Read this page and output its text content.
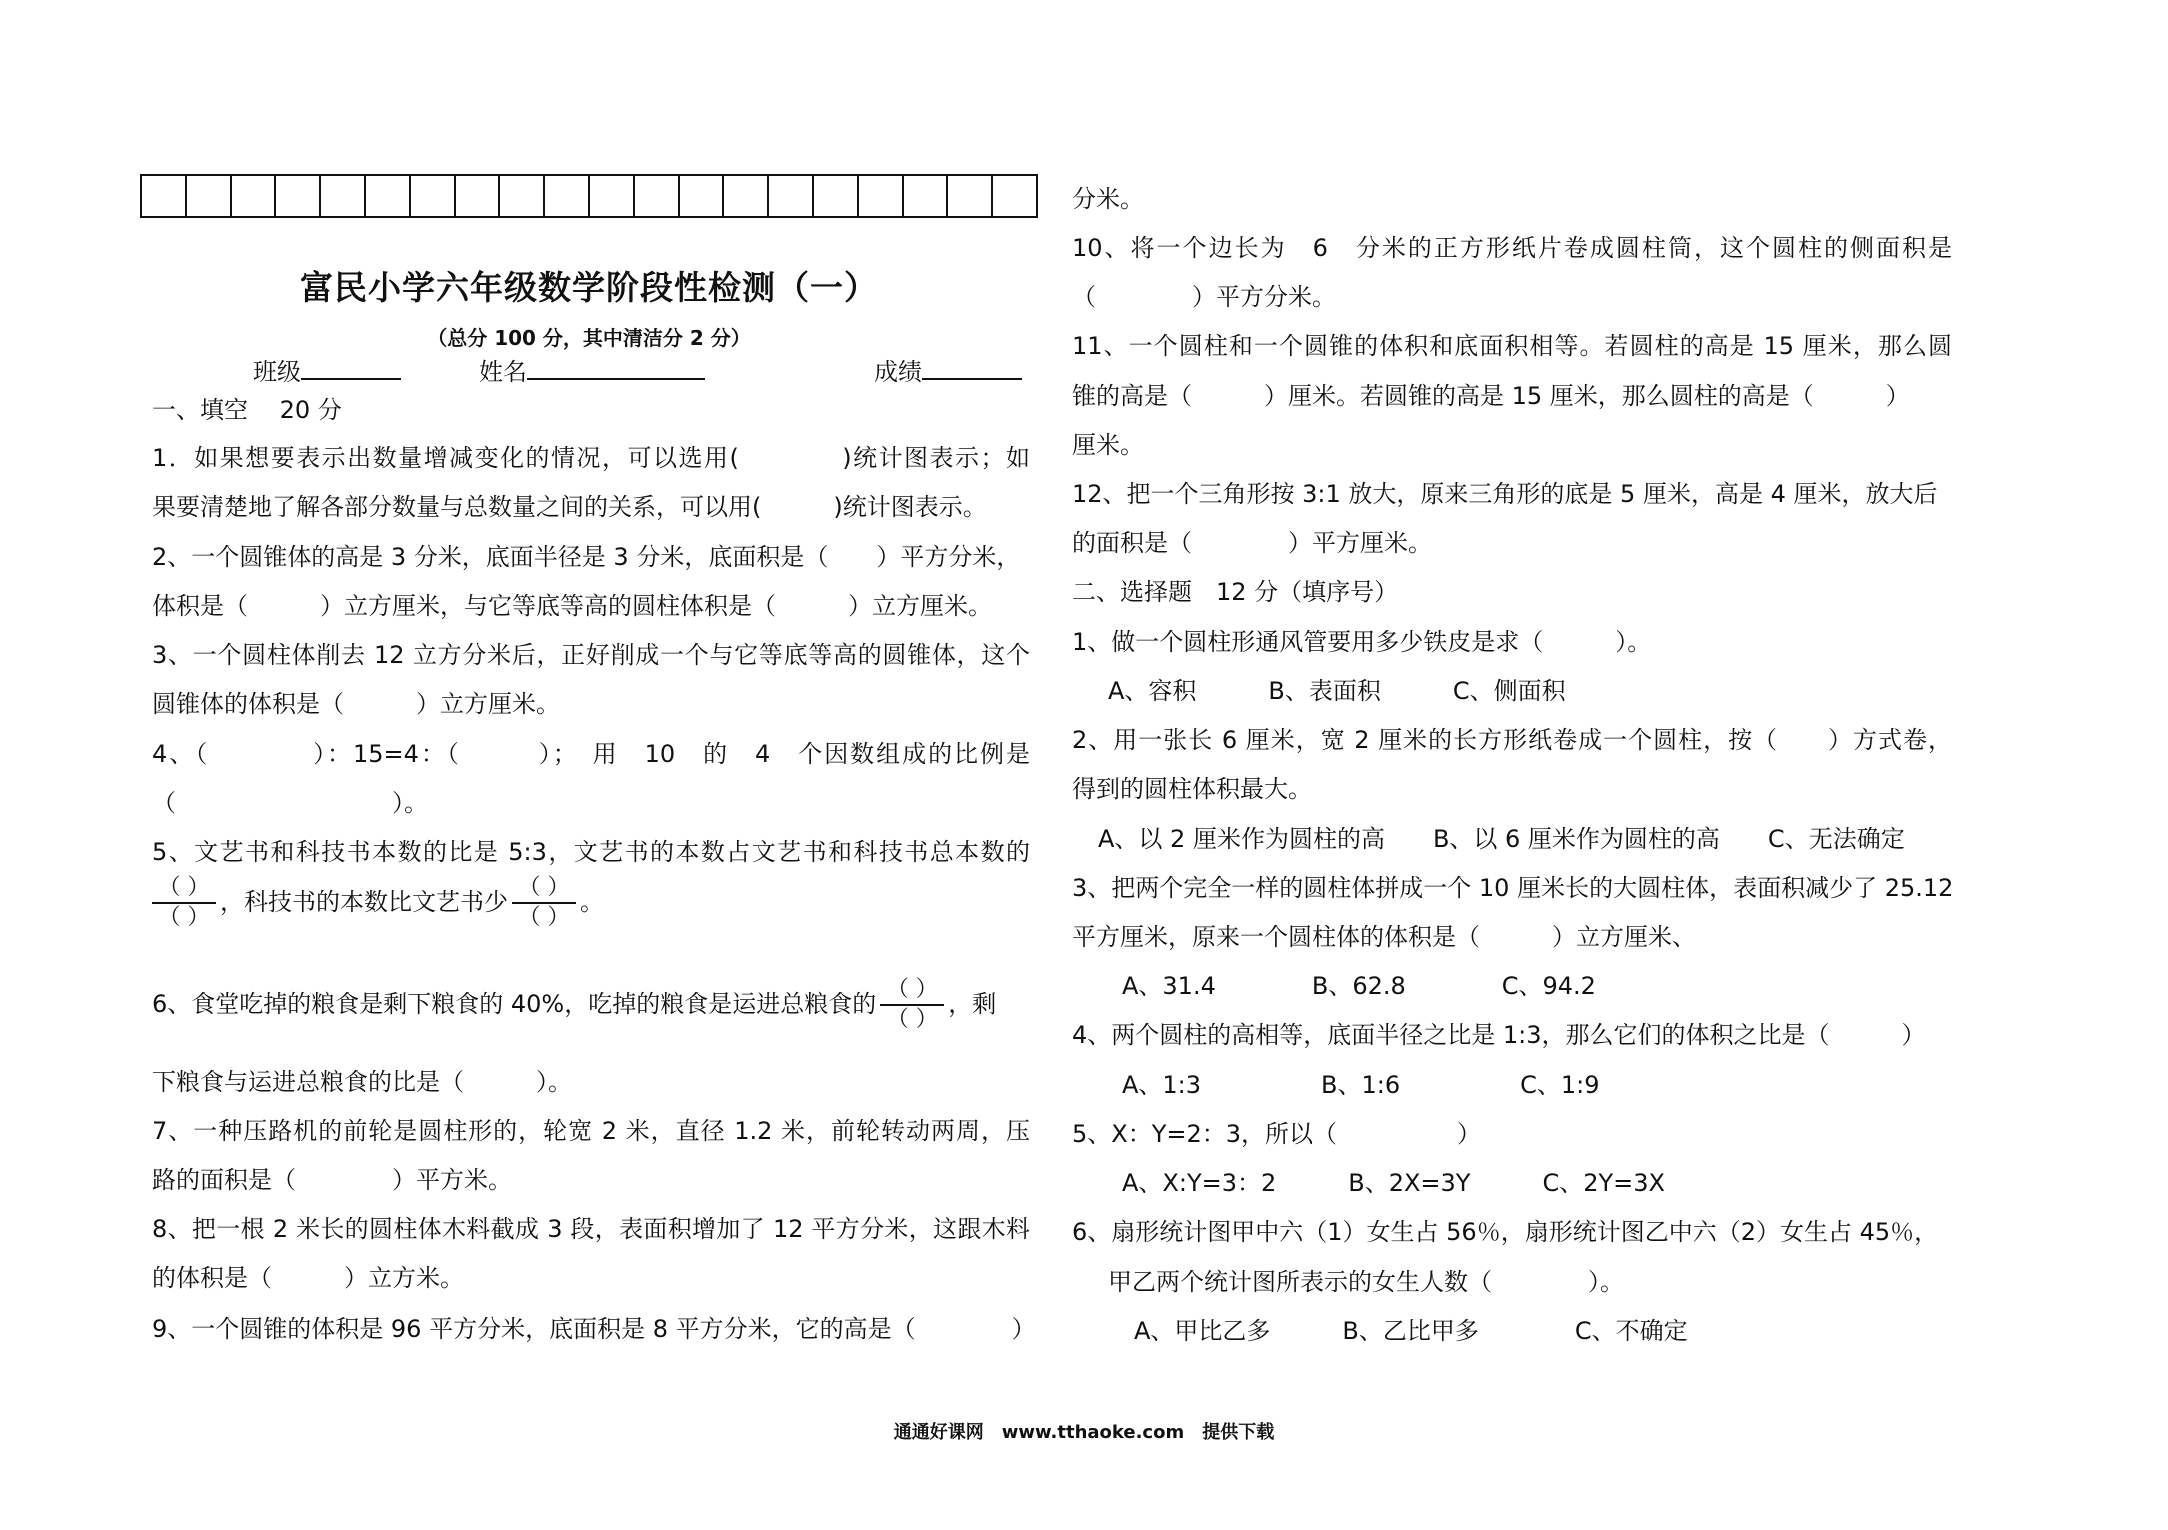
富民小学六年级数学阶段性检测（一）
（总分 100 分，其中清洁分 2 分）
班级	姓名	成绩
一、填空　 20 分
1．如果想要表示出数量增减变化的情况，可以选用(　　　　)统计图表示；如
果要清楚地了解各部分数量与总数量之间的关系，可以用(　　　)统计图表示。
2、一个圆锥体的高是 3 分米，底面半径是 3 分米，底面积是（　　）平方分米，
体积是（　　　）立方厘米，与它等底等高的圆柱体积是（　　　）立方厘米。
3、一个圆柱体削去 12 立方分米后，正好削成一个与它等底等高的圆锥体，这个
圆锥体的体积是（　　　）立方厘米。
4、（　　　　）：15=4：（　　　）；　用　10　的　4　个因数组成的比例是
（　　　　　　　　　）。
5、文艺书和科技书本数的比是 5:3，文艺书的本数占文艺书和科技书总本数的
$\frac{( )}{( )}$ ，科技书的本数比文艺书少 $\frac{( )}{( )}$ 。
6、食堂吃掉的粮食是剩下粮食的 40%，吃掉的粮食是运进总粮食的 $\frac{( )}{( )}$ ，剩
下粮食与运进总粮食的比是（　　　）。
7、一种压路机的前轮是圆柱形的，轮宽 2 米，直径 1.2 米，前轮转动两周，压
路的面积是（　　　　）平方米。
8、把一根 2 米长的圆柱体木料截成 3 段，表面积增加了 12 平方分米，这跟木料
的体积是（　　　）立方米。
9、一个圆锥的体积是 96 平方分米，底面积是 8 平方分米，它的高是（　　　　）
分米。
10、将一个边长为　6　分米的正方形纸片卷成圆柱筒，这个圆柱的侧面积是
（　　　　）平方分米。
11、一个圆柱和一个圆锥的体积和底面积相等。若圆柱的高是 15 厘米，那么圆
锥的高是（　　　）厘米。若圆锥的高是 15 厘米，那么圆柱的高是（　　　）
厘米。
12、把一个三角形按 3:1 放大，原来三角形的底是 5 厘米，高是 4 厘米，放大后
的面积是（　　　　）平方厘米。
二、选择题　12 分（填序号）
1、做一个圆柱形通风管要用多少铁皮是求（　　　）。
A、容积　　　B、表面积　　　C、侧面积
2、用一张长 6 厘米，宽 2 厘米的长方形纸卷成一个圆柱，按（　　）方式卷，
得到的圆柱体积最大。
A、以 2 厘米作为圆柱的高　　B、以 6 厘米作为圆柱的高　　C、无法确定
3、把两个完全一样的圆柱体拼成一个 10 厘米长的大圆柱体，表面积减少了 25.12
平方厘米，原来一个圆柱体的体积是（　　　）立方厘米、
A、31.4　　　　B、62.8　　　　C、94.2
4、两个圆柱的高相等，底面半径之比是 1:3，那么它们的体积之比是（　　　）
A、1:3　　　　　B、1:6　　　　　C、1:9
5、X：Y=2：3，所以（　　　　　）
A、X:Y=3：2　　　B、2X=3Y　　　C、2Y=3X
6、扇形统计图甲中六（1）女生占 56％，扇形统计图乙中六（2）女生占 45％，
甲乙两个统计图所表示的女生人数（　　　　）。
A、甲比乙多　　　B、乙比甲多　　　　C、不确定
通通好课网　www.tthaoke.com　提供下载
